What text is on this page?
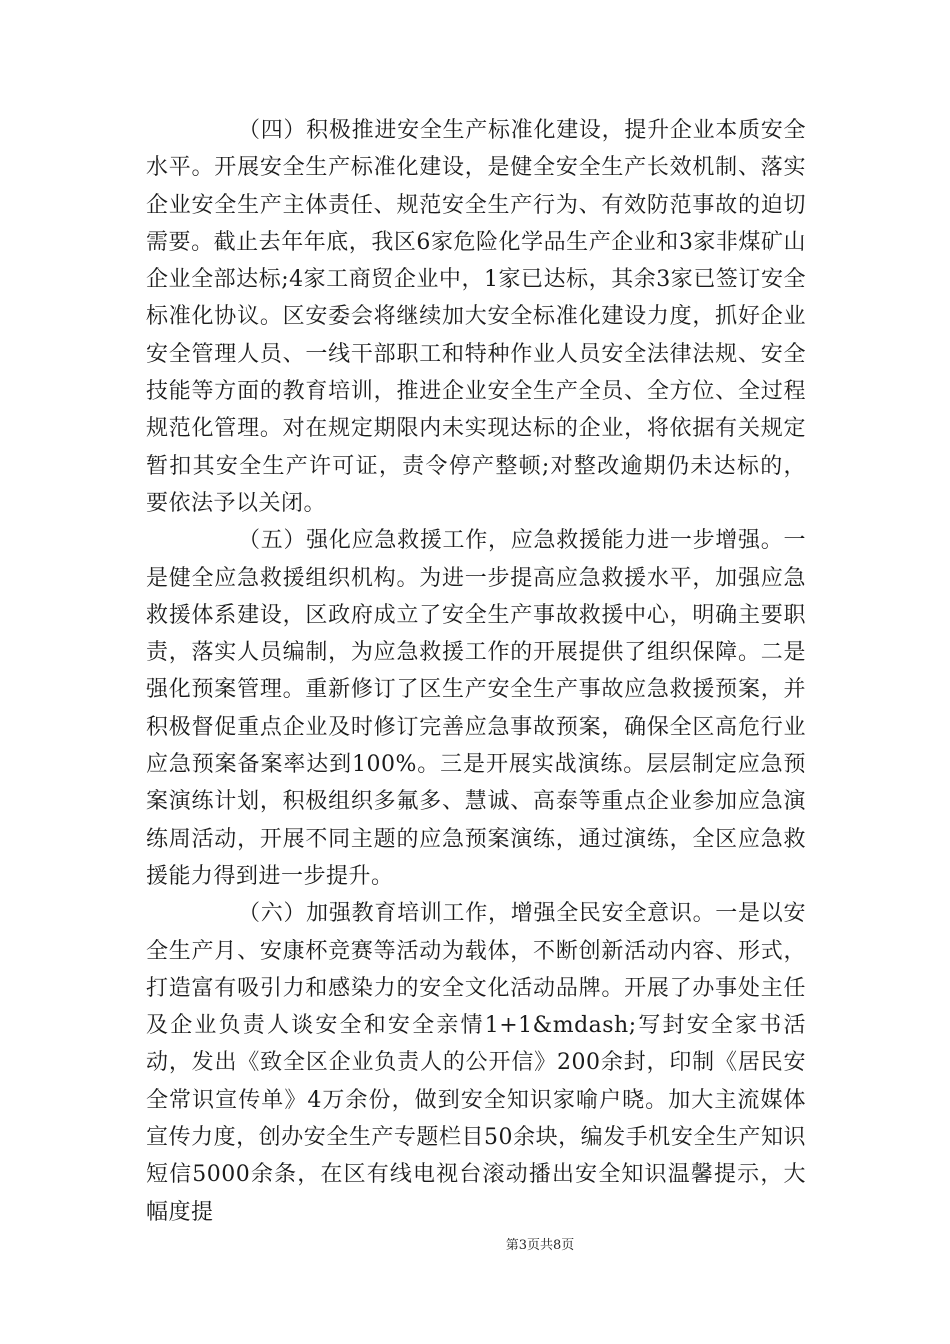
（四）积极推进安全生产标准化建设，提升企业本质安全水平。开展安全生产标准化建设，是健全安全生产长效机制、落实企业安全生产主体责任、规范安全生产行为、有效防范事故的迫切需要。截止去年年底，我区6家危险化学品生产企业和3家非煤矿山企业全部达标;4家工商贸企业中，1家已达标，其余3家已签订安全标准化协议。区安委会将继续加大安全标准化建设力度，抓好企业安全管理人员、一线干部职工和特种作业人员安全法律法规、安全技能等方面的教育培训，推进企业安全生产全员、全方位、全过程规范化管理。对在规定期限内未实现达标的企业，将依据有关规定暂扣其安全生产许可证，责令停产整顿;对整改逾期仍未达标的，要依法予以关闭。

（五）强化应急救援工作，应急救援能力进一步增强。一是健全应急救援组织机构。为进一步提高应急救援水平，加强应急救援体系建设，区政府成立了安全生产事故救援中心，明确主要职责，落实人员编制，为应急救援工作的开展提供了组织保障。二是强化预案管理。重新修订了区生产安全生产事故应急救援预案，并积极督促重点企业及时修订完善应急事故预案，确保全区高危行业应急预案备案率达到100%。三是开展实战演练。层层制定应急预案演练计划，积极组织多氟多、慧诚、高泰等重点企业参加应急演练周活动，开展不同主题的应急预案演练，通过演练，全区应急救援能力得到进一步提升。

（六）加强教育培训工作，增强全民安全意识。一是以安全生产月、安康杯竞赛等活动为载体，不断创新活动内容、形式，打造富有吸引力和感染力的安全文化活动品牌。开展了办事处主任及企业负责人谈安全和安全亲情1+1&mdash;写封安全家书活动，发出《致全区企业负责人的公开信》200余封，印制《居民安全常识宣传单》4万余份，做到安全知识家喻户晓。加大主流媒体宣传力度，创办安全生产专题栏目50余块，编发手机安全生产知识短信5000余条，在区有线电视台滚动播出安全知识温馨提示，大幅度提

第3页共8页
